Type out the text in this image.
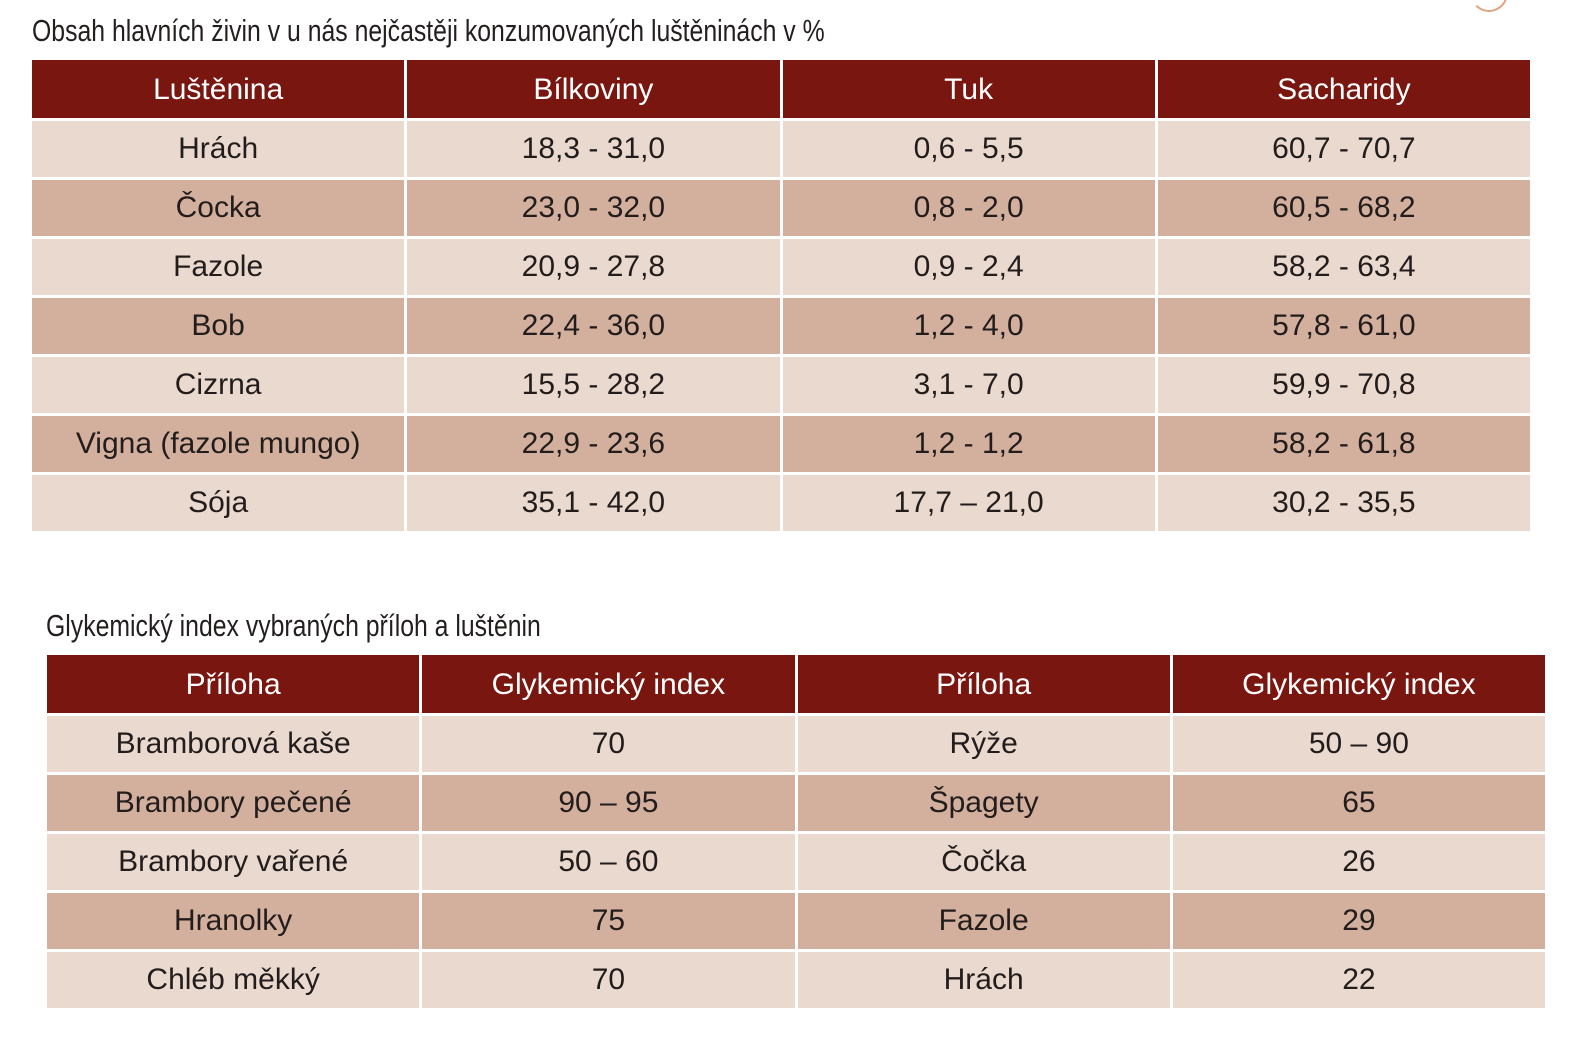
Obsah hlavních živin v u nás nejčastěji konzumovaných luštěninách v %
Luštěnina	Bílkoviny	Tuk	Sacharidy
Hrách	18,3 - 31,0	0,6 - 5,5	60,7 - 70,7
Čocka	23,0 - 32,0	0,8 - 2,0	60,5 - 68,2
Fazole	20,9 - 27,8	0,9 - 2,4	58,2 - 63,4
Bob	22,4 - 36,0	1,2 - 4,0	57,8 - 61,0
Cizrna	15,5 - 28,2	3,1 - 7,0	59,9 - 70,8
Vigna (fazole mungo)	22,9 - 23,6	1,2 - 1,2	58,2 - 61,8
Sója	35,1 - 42,0	17,7 – 21,0	30,2 - 35,5
Glykemický index vybraných příloh a luštěnin
Příloha	Glykemický index	Příloha	Glykemický index
Bramborová kaše	70	Rýže	50 – 90
Brambory pečené	90 – 95	Špagety	65
Brambory vařené	50 – 60	Čočka	26
Hranolky	75	Fazole	29
Chléb měkký	70	Hrách	22
